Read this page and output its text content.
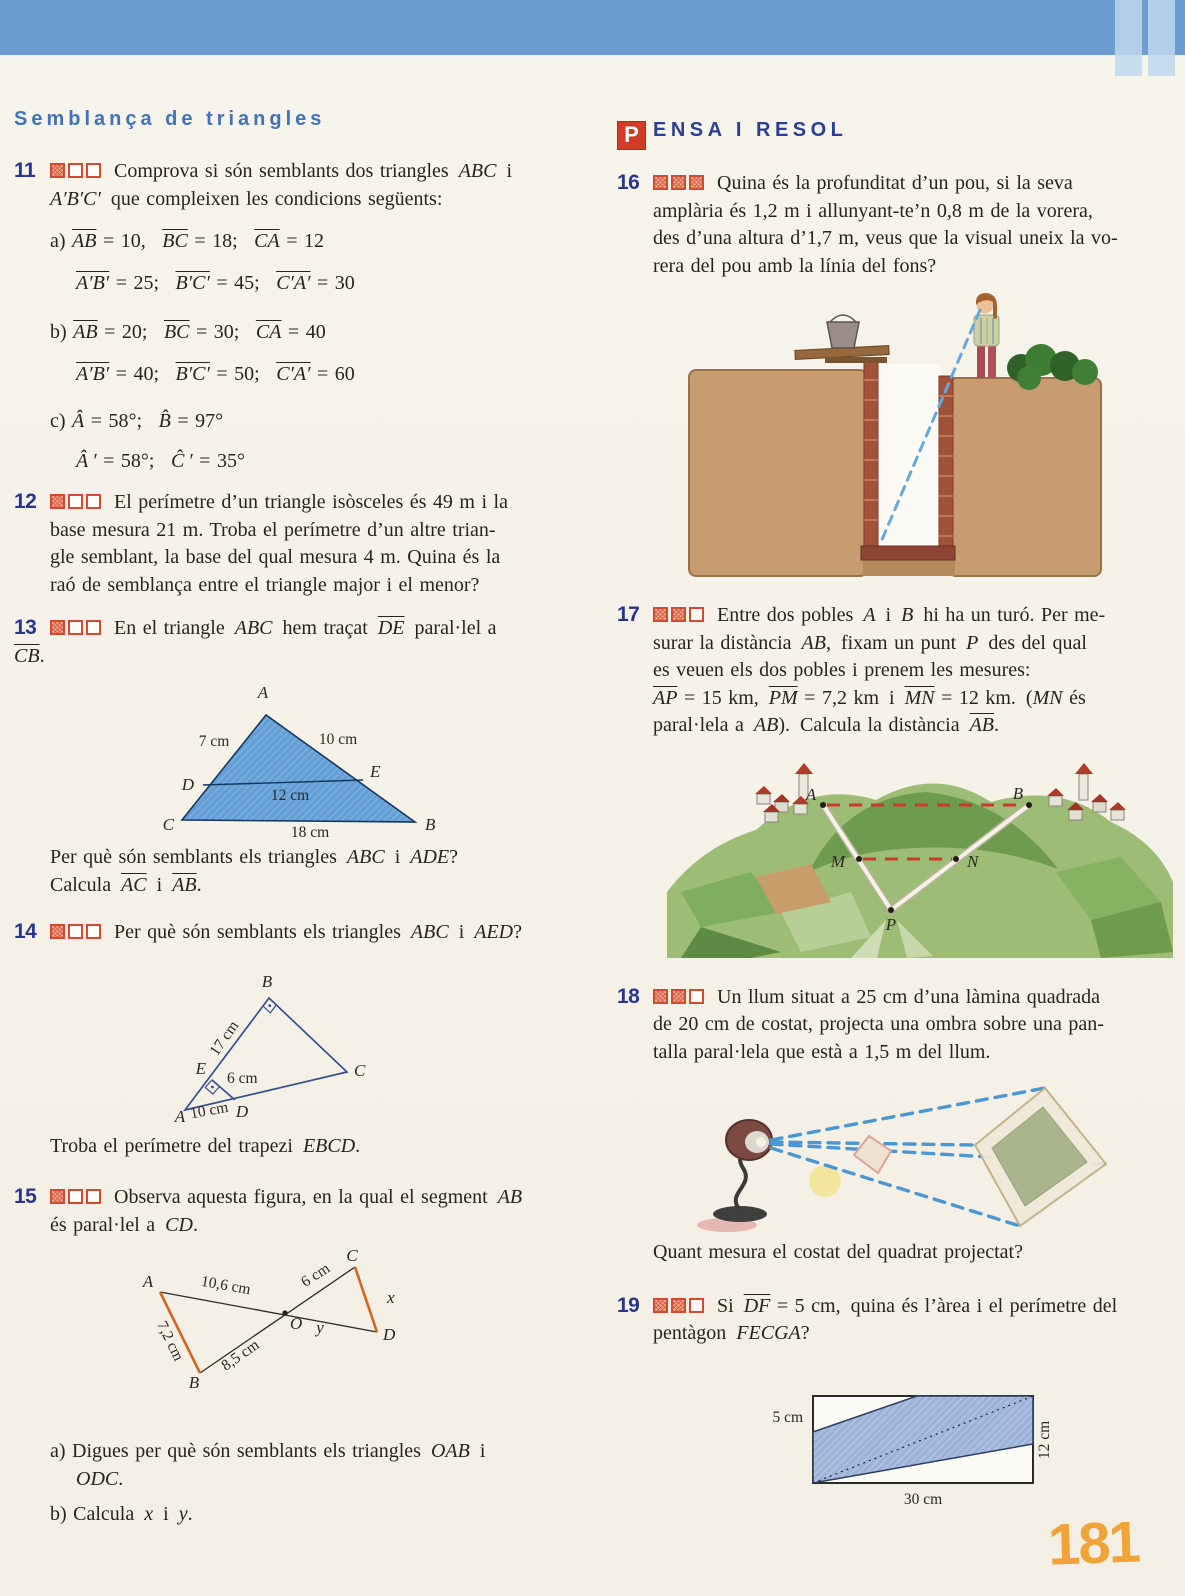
Semblança de triangles
11	Comprova si són semblants dos triangles ABC i
A′B′C′ que compleixen les condicions següents:

a) $\overline{AB} = 10$,  $\overline{BC} = 18$;  $\overline{CA} = 12$

A′B′ = 25;  B′C′ = 45;  C′A′ = 30

b) $\overline{AB} = 20$;  $\overline{BC} = 30$;  $\overline{CA} = 40$

A′B′ = 40;  B′C′ = 50;  C′A′ = 60

c) Â = 58°;  B̂ = 97°

Â ′ = 58°;  Ĉ ′ = 35°

12	El perímetre d’un triangle isòsceles és 49 m i la
base mesura 21 m. Troba el perímetre d’un altre trian-
gle semblant, la base del qual mesura 4 m. Quina és la
raó de semblança entre el triangle major i el menor?

13	En el triangle ABC hem traçat $\overline{DE}$ paral·lel a

$\overline{CB}$.

A
D
C
E
B
7 cm	10 cm
12 cm
18 cm

Per què són semblants els triangles ABC i ADE?
Calcula $\overline{AC}$ i $\overline{AB}$.

14	Per què són semblants els triangles ABC i AED?

B
E	C
A	D
17 cm
6 cm
10 cm

Troba el perímetre del trapezi EBCD.

15	Observa aquesta figura, en la qual el segment AB
és paral·lel a CD.

A
B
O
C
D
x
y
10,6 cm	6 cm
7,2 cm 8,5 cm

a) Digues per què són semblants els triangles OAB i
ODC.

b) Calcula x i y.

P ENSA I RESOL
16	Quina és la profunditat d’un pou, si la seva
amplària és 1,2 m i allunyant-te’n 0,8 m de la vorera,
des d’una altura d’1,7 m, veus que la visual uneix la vo-
rera del pou amb la línia del fons?

17	Entre dos pobles A i B hi ha un turó. Per me-
surar la distància AB, fixam un punt P des del qual
es veuen els dos pobles i prenem les mesures:
$\overline{AP} = 15$ km, $\overline{PM} = 7,2$ km i $\overline{MN} = 12$ km. (MN és
paral·lela a AB). Calcula la distància $\overline{AB}$.

A	B
M	N
P
18	Un llum situat a 25 cm d’una làmina quadrada
de 20 cm de costat, projecta una ombra sobre una pan-
talla paral·lela que està a 1,5 m del llum.

Quant mesura el costat del quadrat projectat?

19	Si $\overline{DF} = 5$ cm, quina és l’àrea i el perímetre del
pentàgon FECGA?

5 cm
30 cm
12 cm
181
